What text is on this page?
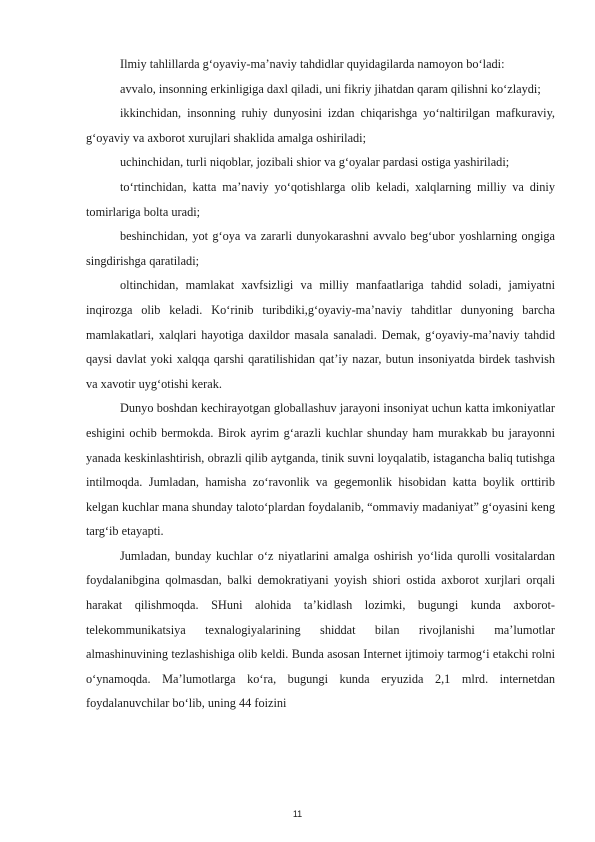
Ilmiy tahlillarda g‘oyaviy-ma’naviy tahdidlar quyidagilarda namoyon bo‘ladi:

avvalo, insonning erkinligiga daxl qiladi, uni fikriy jihatdan qaram qilishni ko‘zlaydi;

ikkinchidan, insonning ruhiy dunyosini izdan chiqarishga yo‘naltirilgan mafkuraviy, g‘oyaviy va axborot xurujlari shaklida amalga oshiriladi;

uchinchidan, turli niqoblar, jozibali shior va g‘oyalar pardasi ostiga yashiriladi;

to‘rtinchidan, katta ma’naviy yo‘qotishlarga olib keladi, xalqlarning milliy va diniy tomirlariga bolta uradi;

beshinchidan, yot g‘oya va zararli dunyokarashni avvalo beg‘ubor yoshlarning ongiga singdirishga qaratiladi;

oltinchidan, mamlakat xavfsizligi va milliy manfaatlariga tahdid soladi, jamiyatni inqirozga olib keladi. Ko‘rinib turibdiki,g‘oyaviy-ma’naviy tahditlar dunyoning barcha mamlakatlari, xalqlari hayotiga daxildor masala sanaladi. Demak, g‘oyaviy-ma’naviy tahdid qaysi davlat yoki xalqqa qarshi qaratilishidan qat’iy nazar, butun insoniyatda birdek tashvish va xavotir uyg‘otishi kerak.

Dunyo boshdan kechirayotgan globallashuv jarayoni insoniyat uchun katta imkoniyatlar eshigini ochib bermokda. Birok ayrim g‘arazli kuchlar shunday ham murakkab bu jarayonni yanada keskinlashtirish, obrazli qilib aytganda, tinik suvni loyqalatib, istagancha baliq tutishga intilmoqda. Jumladan, hamisha zo‘ravonlik va gegemonlik hisobidan katta boylik orttirib kelgan kuchlar mana shunday taloto‘plardan foydalanib, “ommaviy madaniyat” g‘oyasini keng targ‘ib etayapti.

Jumladan, bunday kuchlar o‘z niyatlarini amalga oshirish yo‘lida qurolli vositalardan foydalanibgina qolmasdan, balki demokratiyani yoyish shiori ostida axborot xurjlari orqali harakat qilishmoqda. SHuni alohida ta’kidlash lozimki, bugungi kunda axborot-telekommunikatsiya texnalogiyalarining shiddat bilan rivojlanishi ma’lumotlar almashinuvining tezlashishiga olib keldi. Bunda asosan Internet ijtimoiy tarmog‘i etakchi rolni o‘ynamoqda. Ma’lumotlarga ko‘ra, bugungi kunda eryuzida 2,1 mlrd. internetdan foydalanuvchilar bo‘lib, uning 44 foizini

11
